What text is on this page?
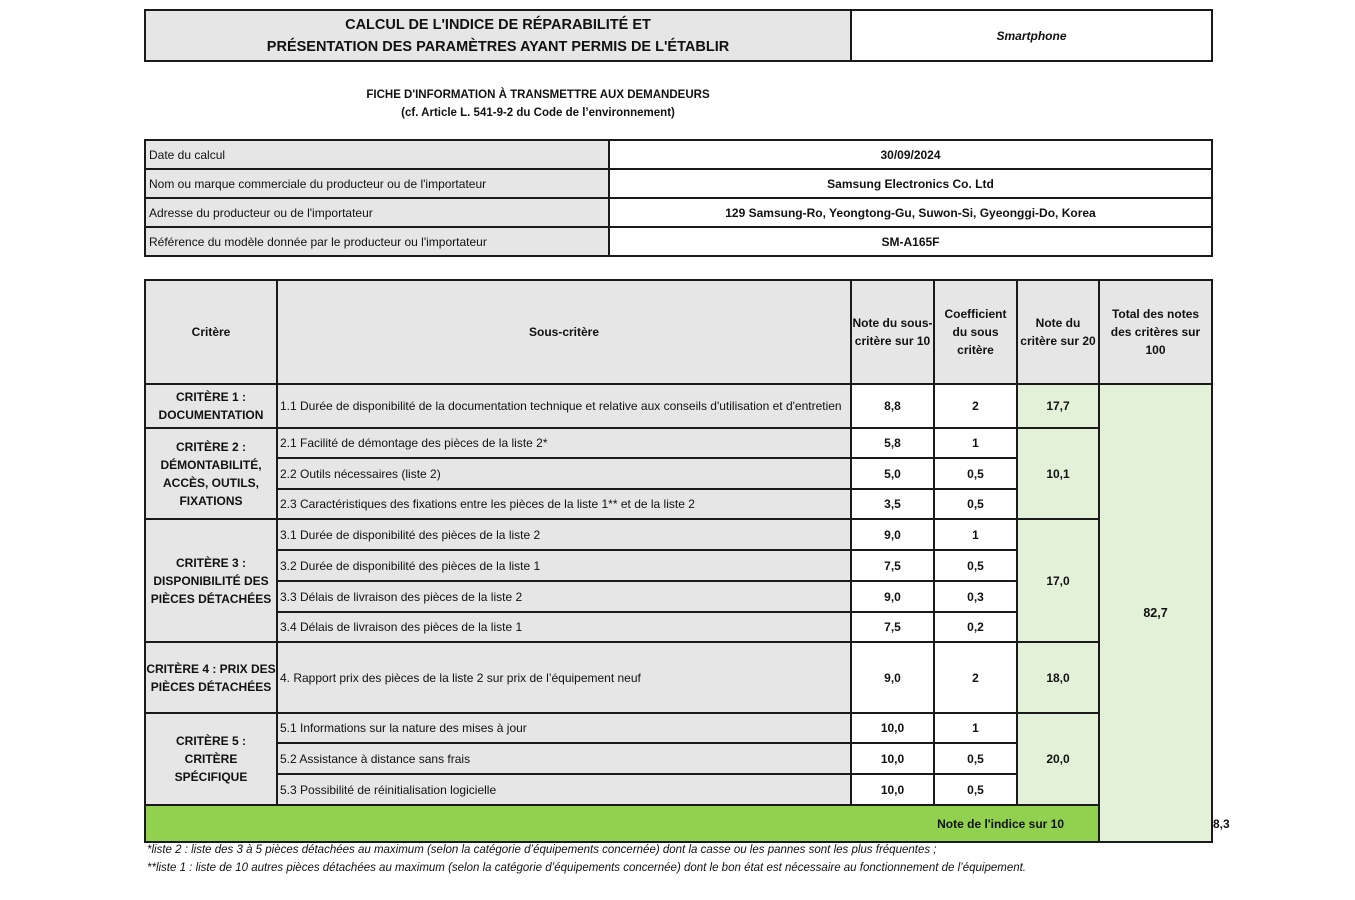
CALCUL DE L'INDICE DE RÉPARABILITÉ ET
PRÉSENTATION DES PARAMÈTRES AYANT PERMIS DE L'ÉTABLIR
	Smartphone
FICHE D'INFORMATION À TRANSMETTRE AUX DEMANDEURS
(cf. Article L. 541-9-2 du Code de l’environnement)
Date du calcul	30/09/2024
Nom ou marque commerciale du producteur ou de l'importateur	Samsung Electronics Co. Ltd
Adresse du producteur ou de l'importateur	129 Samsung-Ro, Yeongtong-Gu, Suwon-Si, Gyeonggi-Do, Korea
Référence du modèle donnée par le producteur ou l'importateur	SM-A165F
Critère	Sous-critère	Note du sous-critère sur 10	Coefficient du sous critère	Note du critère sur 20	Total des notes des critères sur 100	
CRITÈRE 1 : DOCUMENTATION	1.1 Durée de disponibilité de la documentation technique et relative aux conseils d'utilisation et d'entretien	8,8	2	17,7	82,7	
CRITÈRE 2 : DÉMONTABILITÉ, ACCÈS, OUTILS, FIXATIONS	2.1 Facilité de démontage des pièces de la liste 2*	5,8	1	10,1		
	2.2 Outils nécessaires (liste 2)	5,0	0,5			
	2.3 Caractéristiques des fixations entre les pièces de la liste 1** et de la liste 2	3,5	0,5			
CRITÈRE 3 : DISPONIBILITÉ DES PIÈCES DÉTACHÉES	3.1 Durée de disponibilité des pièces de la liste 2	9,0	1	17,0		
	3.2 Durée de disponibilité des pièces de la liste 1	7,5	0,5			
	3.3 Délais de livraison des pièces de la liste 2	9,0	0,3			
	3.4 Délais de livraison des pièces de la liste 1	7,5	0,2			
CRITÈRE 4 : PRIX DES PIÈCES DÉTACHÉES	4. Rapport prix des pièces de la liste 2 sur prix de l’équipement neuf	9,0	2	18,0		
CRITÈRE 5 : CRITÈRE SPÉCIFIQUE	5.1 Informations sur la nature des mises à jour	10,0	1	20,0		
	5.2 Assistance à distance sans frais	10,0	0,5			
	5.3 Possibilité de réinitialisation logicielle	10,0	0,5			
Note de l'indice sur 10						8,3
*liste 2 : liste des 3 à 5 pièces détachées au maximum (selon la catégorie d’équipements concernée) dont la casse ou les pannes sont les plus fréquentes ;
**liste 1 : liste de 10 autres pièces détachées au maximum (selon la catégorie d’équipements concernée) dont le bon état est nécessaire au fonctionnement de l’équipement.
